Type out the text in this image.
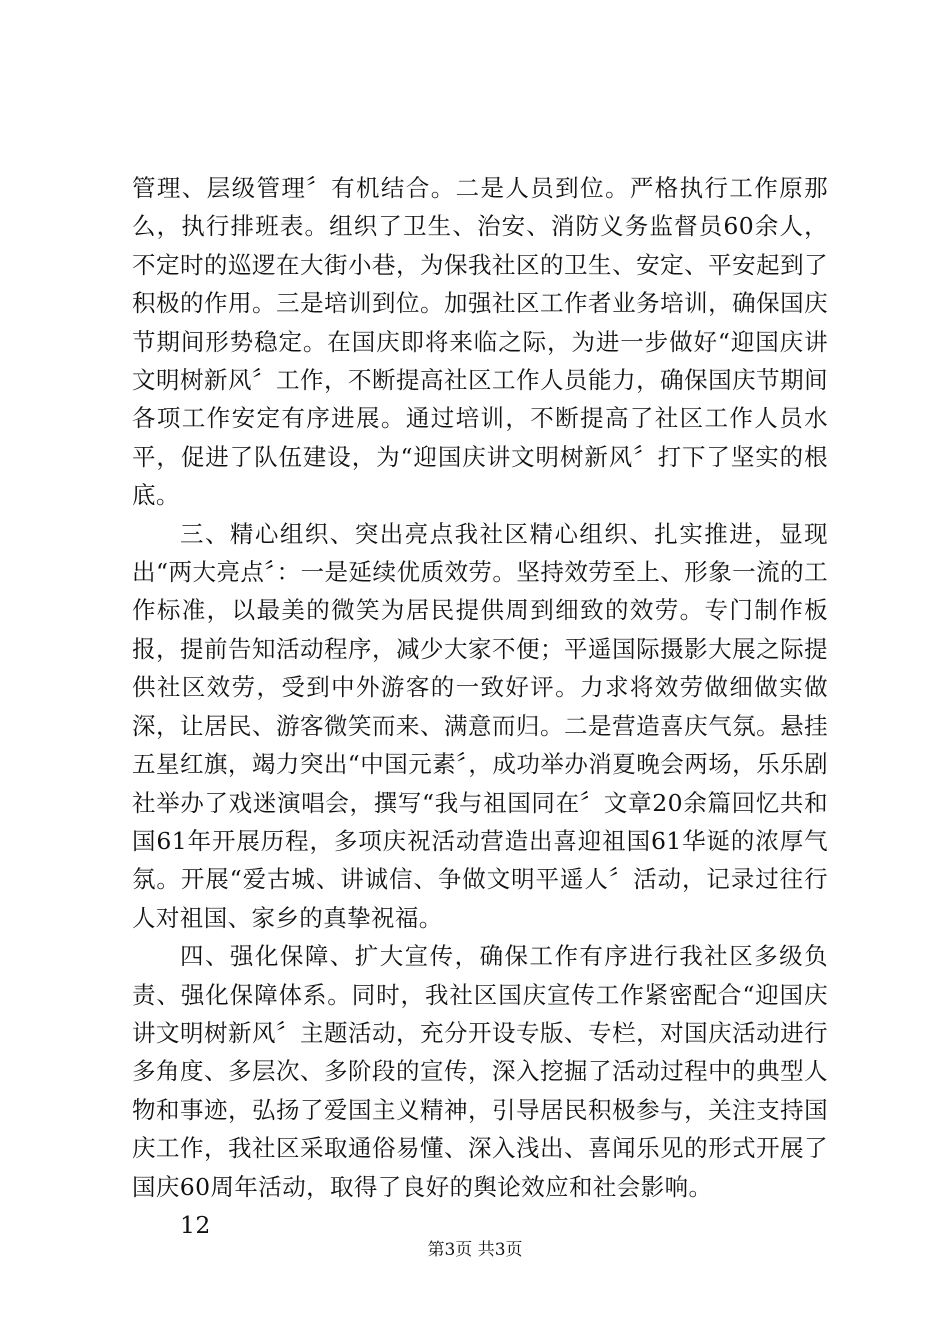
管理、层级管理〞有机结合。二是人员到位。严格执行工作原那么，执行排班表。组织了卫生、治安、消防义务监督员60余人，不定时的巡逻在大街小巷，为保我社区的卫生、安定、平安起到了积极的作用。三是培训到位。加强社区工作者业务培训，确保国庆节期间形势稳定。在国庆即将来临之际，为进一步做好“迎国庆讲文明树新风〞工作，不断提高社区工作人员能力，确保国庆节期间各项工作安定有序进展。通过培训，不断提高了社区工作人员水平，促进了队伍建设，为“迎国庆讲文明树新风〞打下了坚实的根底。

三、精心组织、突出亮点我社区精心组织、扎实推进，显现出“两大亮点〞：一是延续优质效劳。坚持效劳至上、形象一流的工作标准，以最美的微笑为居民提供周到细致的效劳。专门制作板报，提前告知活动程序，减少大家不便；平遥国际摄影大展之际提供社区效劳，受到中外游客的一致好评。力求将效劳做细做实做深，让居民、游客微笑而来、满意而归。二是营造喜庆气氛。悬挂五星红旗，竭力突出“中国元素〞，成功举办消夏晚会两场，乐乐剧社举办了戏迷演唱会，撰写“我与祖国同在〞文章20余篇回忆共和国61年开展历程，多项庆祝活动营造出喜迎祖国61华诞的浓厚气氛。开展“爱古城、讲诚信、争做文明平遥人〞活动，记录过往行人对祖国、家乡的真挚祝福。

四、强化保障、扩大宣传，确保工作有序进行我社区多级负责、强化保障体系。同时，我社区国庆宣传工作紧密配合“迎国庆讲文明树新风〞主题活动，充分开设专版、专栏，对国庆活动进行多角度、多层次、多阶段的宣传，深入挖掘了活动过程中的典型人物和事迹，弘扬了爱国主义精神，引导居民积极参与，关注支持国庆工作，我社区采取通俗易懂、深入浅出、喜闻乐见的形式开展了国庆60周年活动，取得了良好的舆论效应和社会影响。

12

第3页 共3页
